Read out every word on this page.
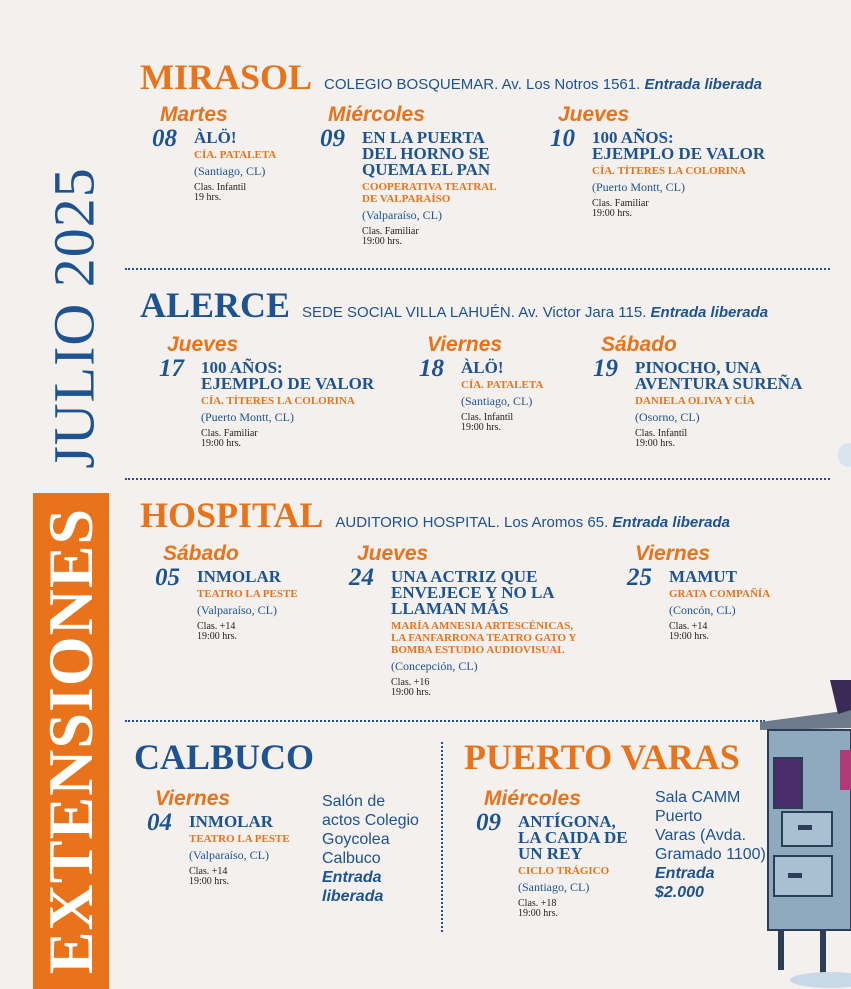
EXTENSIONES
JULIO 2025
MIRASOL COLEGIO BOSQUEMAR. Av. Los Notros 1561. Entrada liberada
Martes
08	ÀLÖ!
CÍA. PATALETA
(Santiago, CL)
Clas. Infantil
19 hrs.
Miércoles
09	EN LA PUERTA
DEL HORNO SE
QUEMA EL PAN
COOPERATIVA TEATRAL
DE VALPARAÍSO
(Valparaíso, CL)
Clas. Familiar
19:00 hrs.
Jueves
10	100 AÑOS:
EJEMPLO DE VALOR
CÍA. TÍTERES LA COLORINA
(Puerto Montt, CL)
Clas. Familiar
19:00 hrs.
ALERCE SEDE SOCIAL VILLA LAHUÉN. Av. Victor Jara 115. Entrada liberada
Jueves
17	100 AÑOS:
EJEMPLO DE VALOR
CÍA. TÍTERES LA COLORINA
(Puerto Montt, CL)
Clas. Familiar
19:00 hrs.
Viernes
18	ÀLÖ!
CÍA. PATALETA
(Santiago, CL)
Clas. Infantil
19:00 hrs.
Sábado
19	PINOCHO, UNA
AVENTURA SUREÑA
DANIELA OLIVA Y CÍA
(Osorno, CL)
Clas. Infantil
19:00 hrs.
HOSPITAL AUDITORIO HOSPITAL. Los Aromos 65. Entrada liberada
Sábado
05	INMOLAR
TEATRO LA PESTE
(Valparaíso, CL)
Clas. +14
19:00 hrs.
Jueves
24	UNA ACTRIZ QUE
ENVEJECE Y NO LA
LLAMAN MÁS
MARÍA AMNESIA ARTESCÉNICAS,
LA FANFARRONA TEATRO GATO Y
BOMBA ESTUDIO AUDIOVISUAL
(Concepción, CL)
Clas. +16
19:00 hrs.
Viernes
25	MAMUT
GRATA COMPAÑÍA
(Concón, CL)
Clas. +14
19:00 hrs.
CALBUCO
Viernes
04	INMOLAR
TEATRO LA PESTE
(Valparaíso, CL)
Clas. +14
19:00 hrs.
Salón de
actos Colegio
Goycolea
Calbuco
Entrada
liberada
PUERTO VARAS
Miércoles
09	ANTÍGONA,
LA CAIDA DE
UN REY
CICLO TRÁGICO
(Santiago, CL)
Clas. +18
19:00 hrs.
Sala CAMM
Puerto
Varas (Avda.
Gramado 1100)
Entrada
$2.000
